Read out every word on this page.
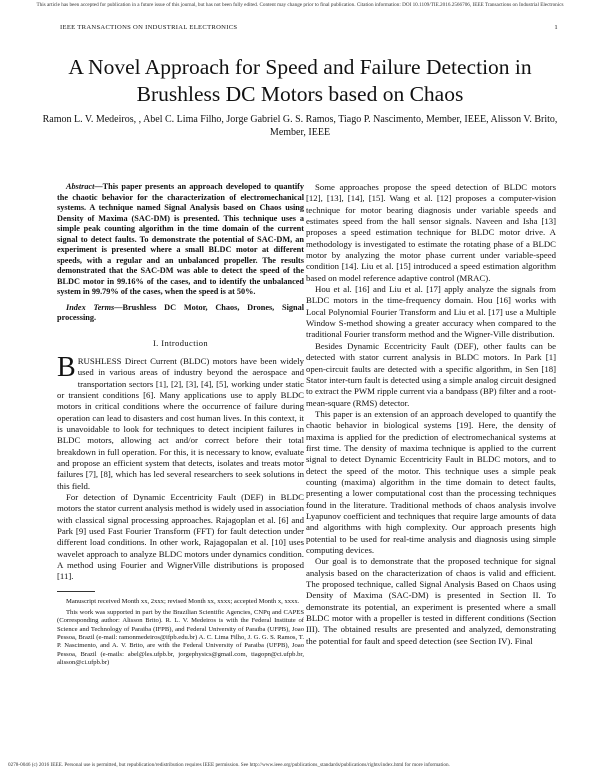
This article has been accepted for publication in a future issue of this journal, but has not been fully edited. Content may change prior to final publication. Citation information: DOI 10.1109/TIE.2016.2566706, IEEE Transactions on Industrial Electronics
IEEE TRANSACTIONS ON INDUSTRIAL ELECTRONICS	1
A Novel Approach for Speed and Failure Detection in Brushless DC Motors based on Chaos
Ramon L. V. Medeiros, , Abel C. Lima Filho, Jorge Gabriel G. S. Ramos, Tiago P. Nascimento, Member, IEEE, Alisson V. Brito, Member, IEEE

Abstract—This paper presents an approach developed to quantify the chaotic behavior for the characterization of electromechanical systems. A technique named Signal Analysis based on Chaos using Density of Maxima (SAC-DM) is presented. This technique uses a simple peak counting algorithm in the time domain of the current signal to detect faults. To demonstrate the potential of SAC-DM, an experiment is presented where a small BLDC motor at different speeds, with a regular and an unbalanced propeller. The results demonstrated that the SAC-DM was able to detect the speed of the BLDC motor in 99.16% of the cases, and to identify the unbalanced system in 99.79% of the cases, when the speed is at 50%.

Index Terms—Brushless DC Motor, Chaos, Drones, Signal processing.

I. Introduction

BRUSHLESS Direct Current (BLDC) motors have been widely used in various areas of industry beyond the aerospace and transportation sectors [1], [2], [3], [4], [5], working under static or transient conditions [6]. Many applications use to apply BLDC motors in critical conditions where the occurrence of failure during operation can lead to disasters and cost human lives. In this context, it is unavoidable to look for techniques to detect incipient failures in BLDC motors, allowing act and/or correct before their total breakdown in full operation. For this, it is necessary to know, evaluate and propose an efficient system that detects, isolates and treats motor failures [7], [8], which has led several researchers to seek solutions in this field.

For detection of Dynamic Eccentricity Fault (DEF) in BLDC motors the stator current analysis method is widely used in association with classical signal processing approaches. Rajagoplan et al. [6] and Park [9] used Fast Fourier Transform (FFT) for fault detection under different load conditions. In other work, Rajagopalan et al. [10] uses wavelet approach to analyze BLDC motors under dynamics condition. A method using Fourier and WignerVille distributions is proposed [11].

Manuscript received Month xx, 2xxx; revised Month xx, xxxx; accepted Month x, xxxx.

This work was supported in part by the Brazilian Scientific Agencies, CNPq and CAPES (Corresponding author: Alisson Brito). R. L. V. Medeiros is with the Federal Institute of Science and Technology of Paraiba (IFPB), and Federal University of Paraiba (UFPB), Joao Pessoa, Brazil (e-mail: ramonmedeiros@ifpb.edu.br) A. C. Lima Filho, J. G. G. S. Ramos, T. P. Nascimento, and A. V. Brito, are with the Federal University of Paraiba (UFPB), Joao Pessoa, Brazil (e-mails: abel@les.ufpb.br, jorgephysics@gmail.com, tiagopn@ci.ufpb.br, alisson@ci.ufpb.br)

Some approaches propose the speed detection of BLDC motors [12], [13], [14], [15]. Wang et al. [12] proposes a computer-vision technique for motor bearing diagnosis under variable speeds and estimates speed from the hall sensor signals. Naveen and Isha [13] proposes a speed estimation technique for BLDC motor drive. A methodology is investigated to estimate the rotating phase of a BLDC motor by analyzing the motor phase current under variable-speed condition [14]. Liu et al. [15] introduced a speed estimation algorithm based on model reference adaptive control (MRAC).

Hou et al. [16] and Liu et al. [17] apply analyze the signals from BLDC motors in the time-frequency domain. Hou [16] works with Local Polynomial Fourier Transform and Liu et al. [17] use a Multiple Window S-method showing a greater accuracy when compared to the traditional Fourier transform method and the Wigner-Ville distribution.

Besides Dynamic Eccentricity Fault (DEF), other faults can be detected with stator current analysis in BLDC motors. In Park [1] open-circuit faults are detected with a specific algorithm, in Sen [18] Stator inter-turn fault is detected using a simple analog circuit designed to extract the PWM ripple current via a bandpass (BP) filter and a root-mean-square (RMS) detector.

This paper is an extension of an approach developed to quantify the chaotic behavior in biological systems [19]. Here, the density of maxima is applied for the prediction of electromechanical systems at first time. The density of maxima technique is applied to the current signal to detect Dynamic Eccentricity Fault in BLDC motors, and to detect the speed of the motor. This technique uses a simple peak counting (maxima) algorithm in the time domain to detect faults, presenting a lower computational cost than the processing techniques found in the literature. Traditional methods of chaos analysis involve Lyapunov coefficient and techniques that require large amounts of data and algorithms with high complexity. Our approach presents high potential to be used for real-time analysis and diagnosis using simple computing devices.

Our goal is to demonstrate that the proposed technique for signal analysis based on the characterization of chaos is valid and efficient. The proposed technique, called Signal Analysis Based on Chaos using Density of Maxima (SAC-DM) is presented in Section II. To demonstrate its potential, an experiment is presented where a small BLDC motor with a propeller is tested in different conditions (Section III). The obtained results are presented and analyzed, demonstrating the potential for fault and speed detection (see Section IV). Final

0278-0046 (c) 2016 IEEE. Personal use is permitted, but republication/redistribution requires IEEE permission. See http://www.ieee.org/publications_standards/publications/rights/index.html for more information.
